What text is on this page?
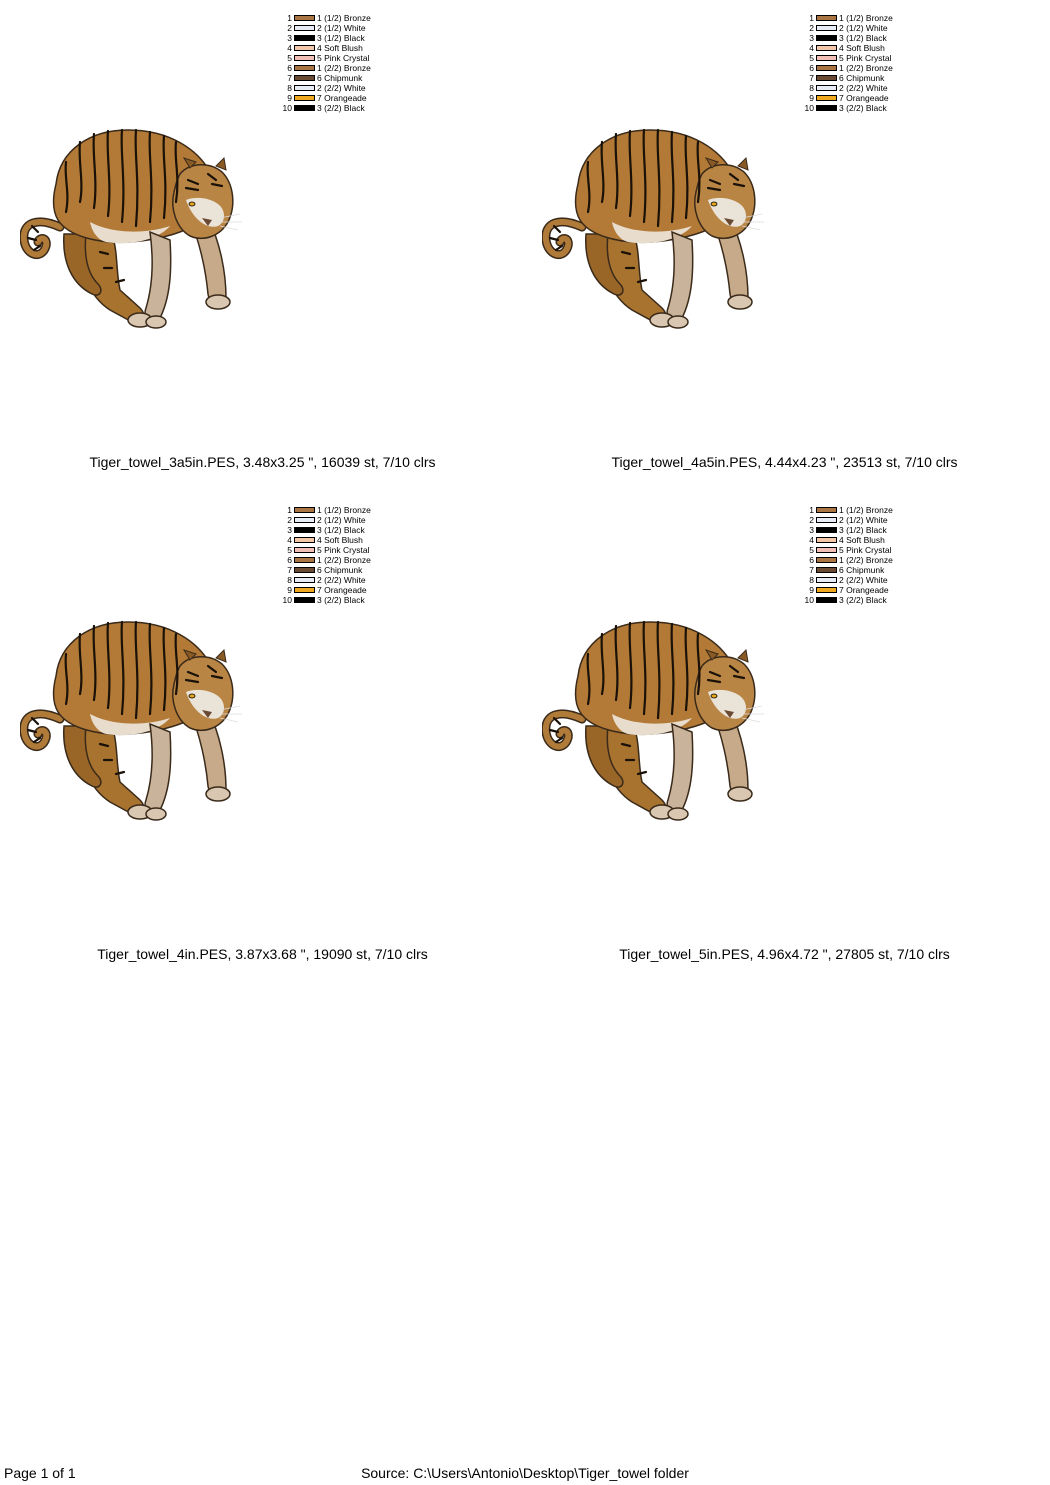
1	1 (1/2) Bronze
2	2 (1/2) White
3	3 (1/2) Black
4	4 Soft Blush
5	5 Pink Crystal
6	1 (2/2) Bronze
7	6 Chipmunk
8	2 (2/2) White
9	7 Orangeade
10	3 (2/2) Black
Tiger_towel_3a5in.PES, 3.48x3.25 ", 16039 st, 7/10 clrs
1	1 (1/2) Bronze
2	2 (1/2) White
3	3 (1/2) Black
4	4 Soft Blush
5	5 Pink Crystal
6	1 (2/2) Bronze
7	6 Chipmunk
8	2 (2/2) White
9	7 Orangeade
10	3 (2/2) Black
Tiger_towel_4a5in.PES, 4.44x4.23 ", 23513 st, 7/10 clrs
1	1 (1/2) Bronze
2	2 (1/2) White
3	3 (1/2) Black
4	4 Soft Blush
5	5 Pink Crystal
6	1 (2/2) Bronze
7	6 Chipmunk
8	2 (2/2) White
9	7 Orangeade
10	3 (2/2) Black
Tiger_towel_4in.PES, 3.87x3.68 ", 19090 st, 7/10 clrs
1	1 (1/2) Bronze
2	2 (1/2) White
3	3 (1/2) Black
4	4 Soft Blush
5	5 Pink Crystal
6	1 (2/2) Bronze
7	6 Chipmunk
8	2 (2/2) White
9	7 Orangeade
10	3 (2/2) Black
Tiger_towel_5in.PES, 4.96x4.72 ", 27805 st, 7/10 clrs
Page 1 of 1	Source: C:\Users\Antonio\Desktop\Tiger_towel folder
